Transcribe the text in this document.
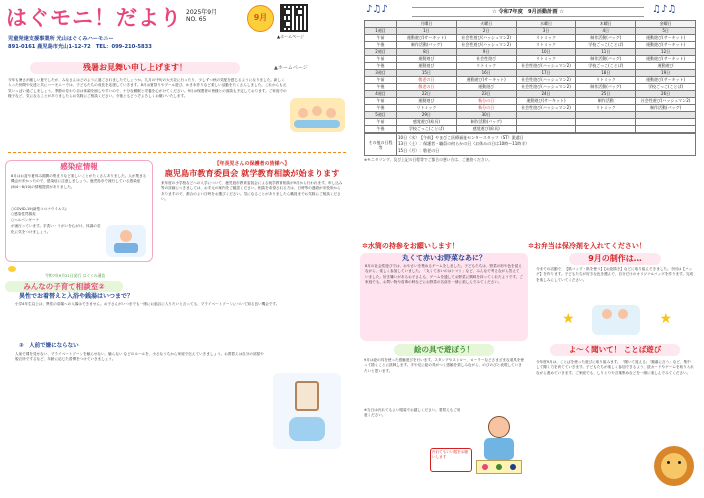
はぐモニ！だより 2025年9月
NO. 65	9月
児童発達支援事業所 光山はぐくみハーモニー
891-0161 鹿児島市光山1-12-72　TEL：099-210-5833
▲ホームページ
残暑お見舞い申し上げます！	▲ホームページ
今年も暑さが厳しい夏でしたが、みなさんはどのように過ごされましたでしょうか。九月の中旬の大火災に行ったり、少しずつ秋の気配を感じるようになりました。新しく入った仲間や友達と共にハーモニーでは、子どもたちの成長を応援していきます。8月は夏祭りやプール遊び、かき氷作りなど楽しい活動をたくさんしました。これからも元気いっぱい過ごしましょう。季節の変わり目は体調を崩しやすいので、十分な睡眠と栄養を心がけてください。9月は保護者の皆様との面談も予定しております。ご家庭での様子など、気になることがありましたらお気軽にご相談ください。今後ともどうぞよろしくお願いいたします。
感染症情報
8月はお盆や夏休み期間の集まりなど楽しいことがたくさんありました。人が集まる機会が多かったので、感染症に注意しましょう。鹿児島市で流行している感染症(8/4〜8/10)の情報提供がありました。
○COVID-19(新型コロナウイルス)
○感染性胃腸炎
○ヘルパンギーナ
が流行っています。手洗い・うがいを心がけ、体調の変化に気をつけましょう。
【年長児さんの保護者の皆様へ】
鹿児島市教育委員会 就学教育相談が始まります
来年度の小学校などへの入学について、鹿児島市教育委員会による就学教育相談が9月から行われます。申し込み等の詳細につきましては、お手元の案内をご確認ください。相談を希望される方は、日時等の連絡が市役所からありますので、都合のよい日時をお選びください。気になることがありましたら職員までお気軽にご相談ください。
令和7年9月21日発行 はぐくみ通信
みんなの子育て相談室②
異性でお着替えと入浴や銭湯はいつまで？
小学4年生以上は、異性の浴場への入場はできません。お子さんがいつまでも一緒にお風呂に入りたいと言っても、プライベートゾーンについて知る良い機会です。
②　人前で嫌にならない
人前で裸を見せない、プライベートゾーンを触らせない、触らない などのルールを、小さなうちから家庭で伝えていきましょう。お着替えは自分の部屋や脱衣所でするなど、年齢に応じた習慣をつけていきましょう。
☆ 令和7年度　9月活動計画 ☆
♪♫♪	♫♪♫
	月曜日	火曜日	水曜日	木曜日	金曜日
1週目	1日	2日	3日	4日	5日
午前	運動遊び(サーキット)	社会性遊び(ハッシュマン2)	リトミック	制作活動(バッグ)	運動遊び(サーキット)
午後	制作活動(バッグ)	社会性遊び(ハッシュマン2)	リトミック	学校ごっこ(ことば)	運動遊び(サーキット)
2週目	8日	9日	10日	11日	12日
午前	運動遊び	社会性遊び	リトミック	制作活動(バッグ)	運動遊び(サーキット)
午後	運動遊び	リトミック	社会性遊び(ハッシュマン2)	学校ごっこ(ことば)	運動遊び
3週目	15日	16日	17日	18日	19日
午前	敬老の日	運動遊び(サーキット)	社会性遊び(ハッシュマン2)	リトミック	運動遊び(サーキット)
午後	敬老の日	運動遊び	社会性遊び(ハッシュマン2)	制作活動(バッグ)	学校ごっこ(ことば)
4週目	22日	23日	24日	25日	26日
午前	運動遊び	秋分の日	運動遊び(サーキット)	制作活動	社会性遊び(ハッシュマン2)
午後	リトミック	秋分の日	社会性遊び(ハッシュマン2)	リトミック	制作活動(バッグ)
5週目	29日	30日			
午前	感覚遊び(絵具)	制作活動(バッグ)			
午後	学校ごっこ(ことば)	感覚遊び(絵具)			
その他の日程 等	
10日（水）　【午前】やまびこ医療福祉センタースタッフ（ST）派遣日
13日（土）：保護者・職員の何らかの日（お休みの日は10時〜11時半）
15日（月）：敬老の日
※モニタリング、及び上記の日程等でご都合の悪い方は、ご連絡ください。
✲水筒の持参をお願いします！	✲お弁当は保冷剤を入れてください！
丸くて赤いお野菜なあに？
8月の社会性遊びでは、おやさいを集めるゲームをしました。子どもたちは、野菜の形や色を覚えながら、楽しく参加していました。「丸くて赤いのはトマト」など、みんなで考えながら答えていました。好き嫌いがあるお子さんも、ゲームを通してお野菜に興味を持ってくれたようです。ご家庭でも、お買い物や食事の時などにお野菜の名前を一緒に楽しんでみてください。
9月の制作は…
今までの活動で、【紙コップ・紙を使う】【お絵描き】などに取り組んできました。今回は【バッグ】を作ります。子どもたちが好きな色を選んで、自分だけのオリジナルバッグを作ります。完成を楽しみにしていてください。
★	★
絵の具で遊ぼう！
9月は絵の具を使った感触遊びを行います。スタンプやストロー、ローラーなどさまざまな道具を使って描くことに挑戦します。手や足に絵の具がつく感触を楽しみながら、のびのびと表現していきたいと思います。
※当日は汚れてもよい服装でお越しください。着替えもご用意ください。
汚れてもいい服をお願いします
よ〜く聞いて！ ことば遊び
今年度9月は、ことばを使った遊びに取り組みます。「聞いて覚える」「順番に言う」など、集中して聞く力を育てていきます。子どもたちが楽しく参加できるよう、絵カードやゲームを取り入れながら進めていきます。ご家庭でも、しりとりや言葉集めなどを一緒に楽しんでみてください。
